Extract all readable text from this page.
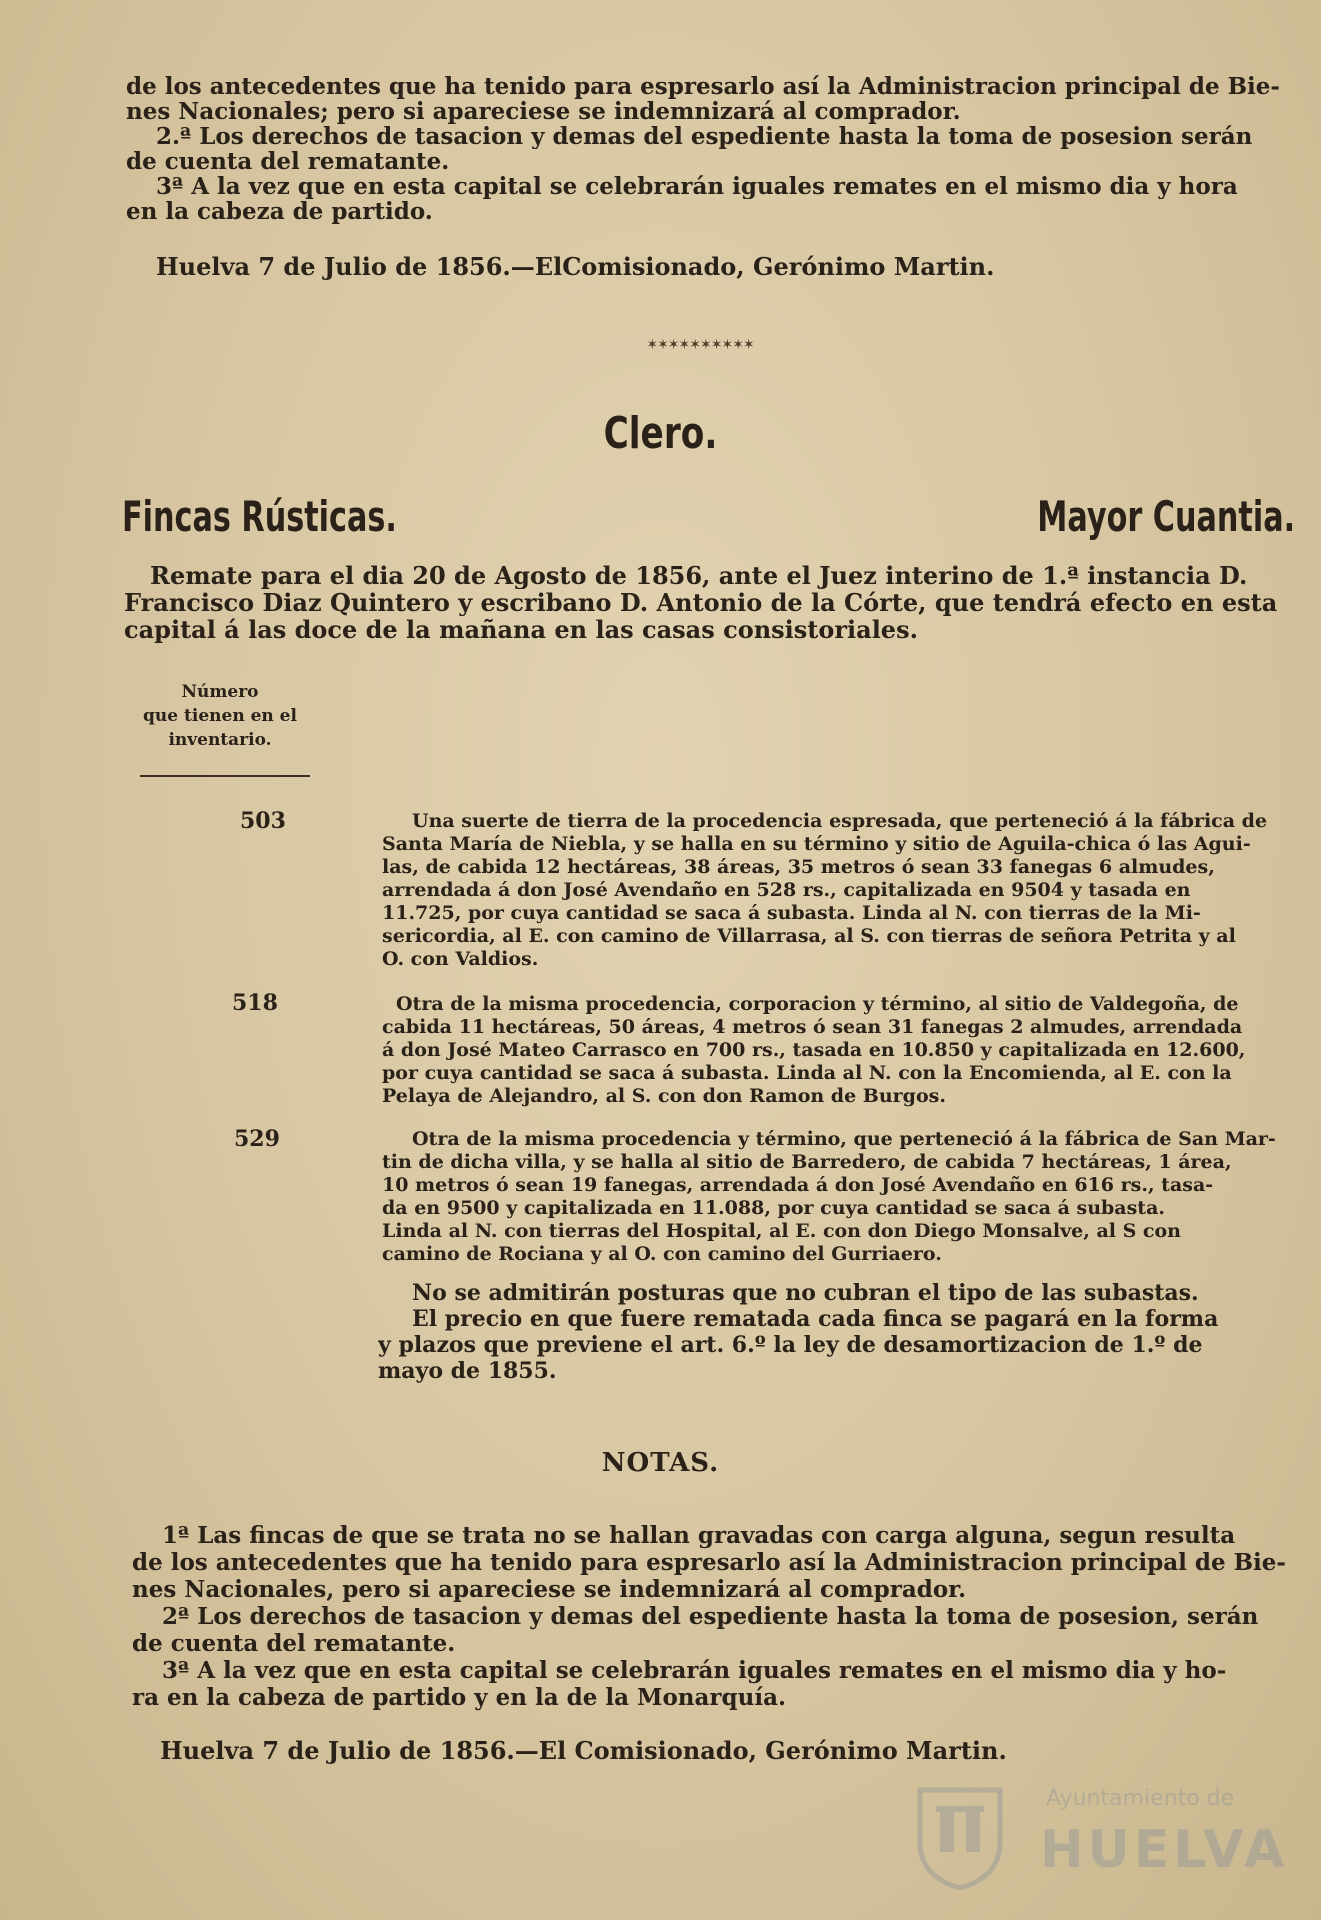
de los antecedentes que ha tenido para espresarlo así la Administracion principal de Bie-
nes Nacionales; pero si apareciese se indemnizará al comprador.
2.ª Los derechos de tasacion y demas del espediente hasta la toma de posesion serán
de cuenta del rematante.
3ª A la vez que en esta capital se celebrarán iguales remates en el mismo dia y hora
en la cabeza de partido.
Huelva 7 de Julio de 1856.—ElComisionado, Gerónimo Martin.
✶✶✶✶✶✶✶✶✶✶
Clero.
Fincas Rústicas.	Mayor Cuantia.
Remate para el dia 20 de Agosto de 1856, ante el Juez interino de 1.ª instancia D.
Francisco Diaz Quintero y escribano D. Antonio de la Córte, que tendrá efecto en esta
capital á las doce de la mañana en las casas consistoriales.
Número
que tienen en el
inventario.
503	Una suerte de tierra de la procedencia espresada, que perteneció á la fábrica de
Santa María de Niebla, y se halla en su término y sitio de Aguila-chica ó las Agui-
las, de cabida 12 hectáreas, 38 áreas, 35 metros ó sean 33 fanegas 6 almudes,
arrendada á don José Avendaño en 528 rs., capitalizada en 9504 y tasada en
11.725, por cuya cantidad se saca á subasta. Linda al N. con tierras de la Mi-
sericordia, al E. con camino de Villarrasa, al S. con tierras de señora Petrita y al
O. con Valdios.
518	Otra de la misma procedencia, corporacion y término, al sitio de Valdegoña, de
cabida 11 hectáreas, 50 áreas, 4 metros ó sean 31 fanegas 2 almudes, arrendada
á don José Mateo Carrasco en 700 rs., tasada en 10.850 y capitalizada en 12.600,
por cuya cantidad se saca á subasta. Linda al N. con la Encomienda, al E. con la
Pelaya de Alejandro, al S. con don Ramon de Burgos.
529	Otra de la misma procedencia y término, que perteneció á la fábrica de San Mar-
tin de dicha villa, y se halla al sitio de Barredero, de cabida 7 hectáreas, 1 área,
10 metros ó sean 19 fanegas, arrendada á don José Avendaño en 616 rs., tasa-
da en 9500 y capitalizada en 11.088, por cuya cantidad se saca á subasta.
Linda al N. con tierras del Hospital, al E. con don Diego Monsalve, al S con
camino de Rociana y al O. con camino del Gurriaero.
No se admitirán posturas que no cubran el tipo de las subastas.
El precio en que fuere rematada cada finca se pagará en la forma
y plazos que previene el art. 6.º la ley de desamortizacion de 1.º de
mayo de 1855.
NOTAS.
1ª Las fincas de que se trata no se hallan gravadas con carga alguna, segun resulta
de los antecedentes que ha tenido para espresarlo así la Administracion principal de Bie-
nes Nacionales, pero si apareciese se indemnizará al comprador.
2ª Los derechos de tasacion y demas del espediente hasta la toma de posesion, serán
de cuenta del rematante.
3ª A la vez que en esta capital se celebrarán iguales remates en el mismo dia y ho-
ra en la cabeza de partido y en la de la Monarquía.
Huelva 7 de Julio de 1856.—El Comisionado, Gerónimo Martin.
Ayuntamiento de
HUELVA
